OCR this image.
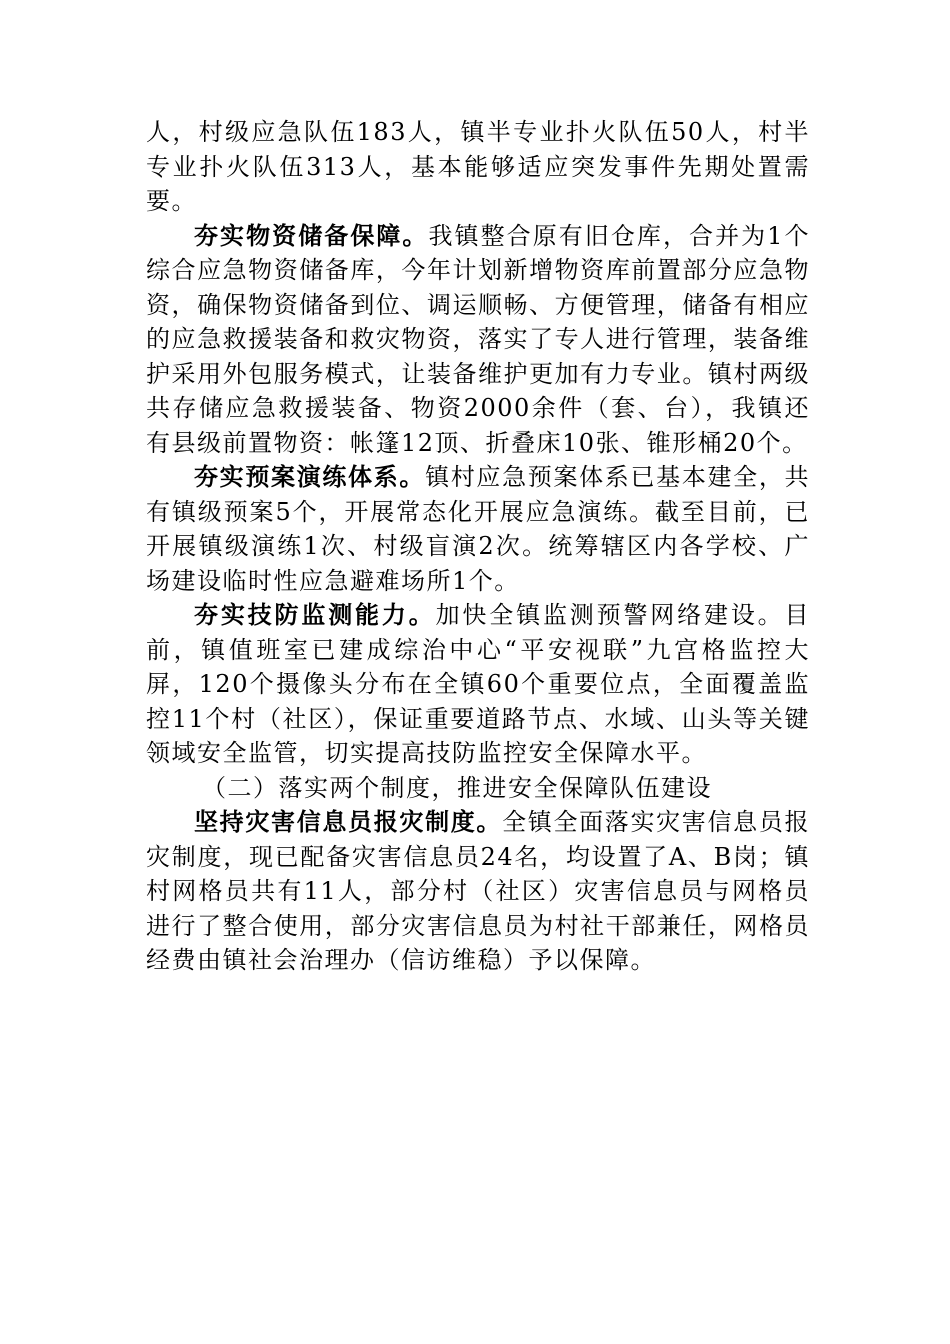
人，村级应急队伍183人，镇半专业扑火队伍50人，村半专业扑火队伍313人，基本能够适应突发事件先期处置需要。

夯实物资储备保障。我镇整合原有旧仓库，合并为1个综合应急物资储备库，今年计划新增物资库前置部分应急物资，确保物资储备到位、调运顺畅、方便管理，储备有相应的应急救援装备和救灾物资，落实了专人进行管理，装备维护采用外包服务模式，让装备维护更加有力专业。镇村两级共存储应急救援装备、物资2000余件（套、台），我镇还有县级前置物资：帐篷12顶、折叠床10张、锥形桶20个。

夯实预案演练体系。镇村应急预案体系已基本建全，共有镇级预案5个，开展常态化开展应急演练。截至目前，已开展镇级演练1次、村级盲演2次。统筹辖区内各学校、广场建设临时性应急避难场所1个。

夯实技防监测能力。加快全镇监测预警网络建设。目前，镇值班室已建成综治中心“平安视联”九宫格监控大屏，120个摄像头分布在全镇60个重要位点，全面覆盖监控11个村（社区），保证重要道路节点、水域、山头等关键领域安全监管，切实提高技防监控安全保障水平。

（二）落实两个制度，推进安全保障队伍建设

坚持灾害信息员报灾制度。全镇全面落实灾害信息员报灾制度，现已配备灾害信息员24名，均设置了A、B岗；镇村网格员共有11人，部分村（社区）灾害信息员与网格员进行了整合使用，部分灾害信息员为村社干部兼任，网格员经费由镇社会治理办（信访维稳）予以保障。
